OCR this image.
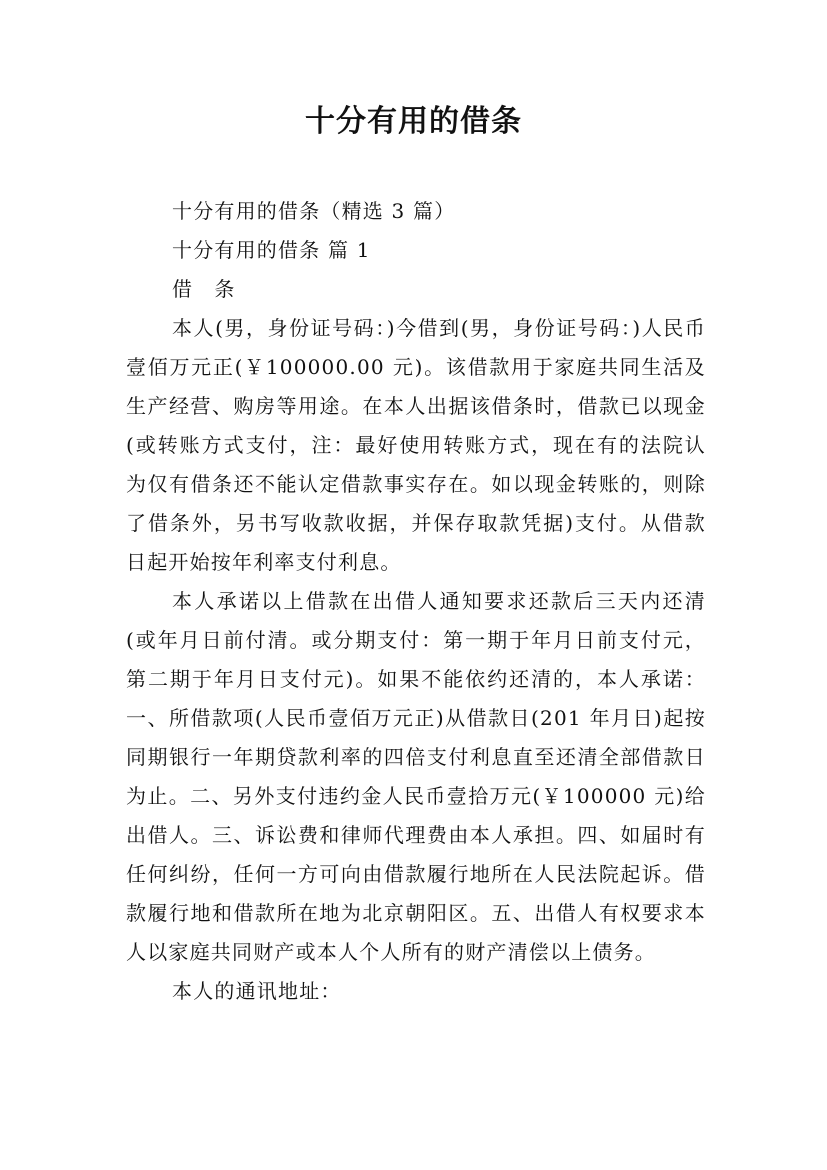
十分有用的借条

十分有用的借条（精选 3 篇）

十分有用的借条 篇 1

借　条

本人(男，身份证号码：)今借到(男，身份证号码：)人民币壹佰万元正(￥100000.00 元)。该借款用于家庭共同生活及生产经营、购房等用途。在本人出据该借条时，借款已以现金(或转账方式支付，注：最好使用转账方式，现在有的法院认为仅有借条还不能认定借款事实存在。如以现金转账的，则除了借条外，另书写收款收据，并保存取款凭据)支付。从借款日起开始按年利率支付利息。

本人承诺以上借款在出借人通知要求还款后三天内还清(或年月日前付清。或分期支付：第一期于年月日前支付元，第二期于年月日支付元)。如果不能依约还清的，本人承诺：一、所借款项(人民币壹佰万元正)从借款日(201 年月日)起按同期银行一年期贷款利率的四倍支付利息直至还清全部借款日为止。二、另外支付违约金人民币壹拾万元(￥100000 元)给出借人。三、诉讼费和律师代理费由本人承担。四、如届时有任何纠纷，任何一方可向由借款履行地所在人民法院起诉。借款履行地和借款所在地为北京朝阳区。五、出借人有权要求本人以家庭共同财产或本人个人所有的财产清偿以上债务。

本人的通讯地址：
